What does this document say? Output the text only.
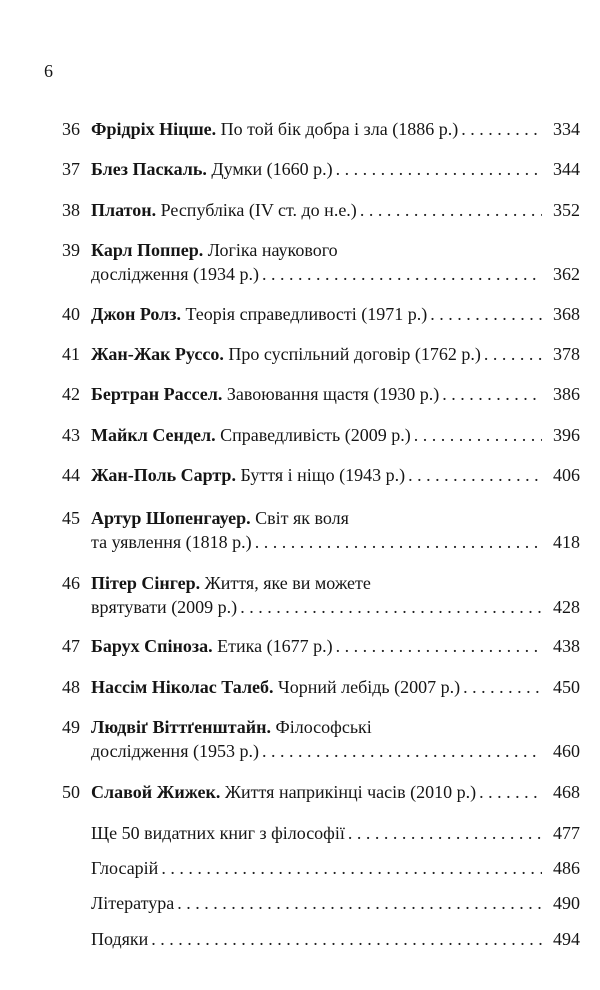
6
36 Фрідріх Ніцше. По той бік добра і зла (1886 р.) . . .	334
37 Блез Паскаль. Думки (1660 р.) . . .	344
38 Платон. Республіка (IV ст. до н.е.) . . .	352
39 Карл Поппер. Логіка наукового
дослідження (1934 р.) . . .	362
40 Джон Ролз. Теорія справедливості (1971 р.) . . .	368
41 Жан-Жак Руссо. Про суспільний договір (1762 р.) . . .	378
42 Бертран Рассел. Завоювання щастя (1930 р.) . . .	386
43 Майкл Сендел. Справедливість (2009 р.) . . .	396
44 Жан-Поль Сартр. Буття і ніщо (1943 р.) . . .	406
45 Артур Шопенгауер. Світ як воля
та уявлення (1818 р.) . . .	418
46 Пітер Сінгер. Життя, яке ви можете
врятувати (2009 р.) . . .	428
47 Барух Спіноза. Етика (1677 р.) . . .	438
48 Нассім Ніколас Талеб. Чорний лебідь (2007 р.) . . .	450
49 Людвіґ Віттґенштайн. Філософські
дослідження (1953 р.) . . .	460
50 Славой Жижек. Життя наприкінці часів (2010 р.) . . .	468
Ще 50 видатних книг з філософії . . .	477
Глосарій . . .	486
Література . . .	490
Подяки . . .	494
